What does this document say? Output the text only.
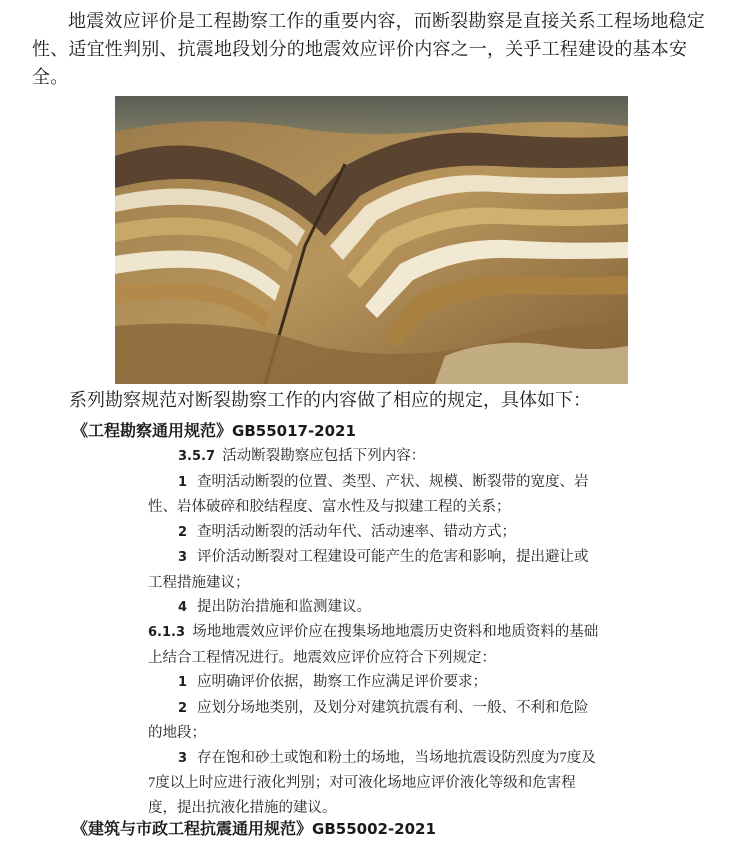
地震效应评价是工程勘察工作的重要内容，而断裂勘察是直接关系工程场地稳定性、适宜性判别、抗震地段划分的地震效应评价内容之一，关乎工程建设的基本安全。

系列勘察规范对断裂勘察工作的内容做了相应的规定，具体如下：

《工程勘察通用规范》GB55017-2021

3.5.7 活动断裂勘察应包括下列内容：

1 查明活动断裂的位置、类型、产状、规模、断裂带的宽度、岩性、岩体破碎和胶结程度、富水性及与拟建工程的关系；

2 查明活动断裂的活动年代、活动速率、错动方式；

3 评价活动断裂对工程建设可能产生的危害和影响，提出避让或工程措施建议；

4 提出防治措施和监测建议。

6.1.3 场地地震效应评价应在搜集场地地震历史资料和地质资料的基础上结合工程情况进行。地震效应评价应符合下列规定：

1 应明确评价依据，勘察工作应满足评价要求；

2 应划分场地类别，及划分对建筑抗震有利、一般、不利和危险的地段；

3 存在饱和砂土或饱和粉土的场地，当场地抗震设防烈度为7度及7度以上时应进行液化判别；对可液化场地应评价液化等级和危害程度，提出抗液化措施的建议。

《建筑与市政工程抗震通用规范》GB55002-2021
